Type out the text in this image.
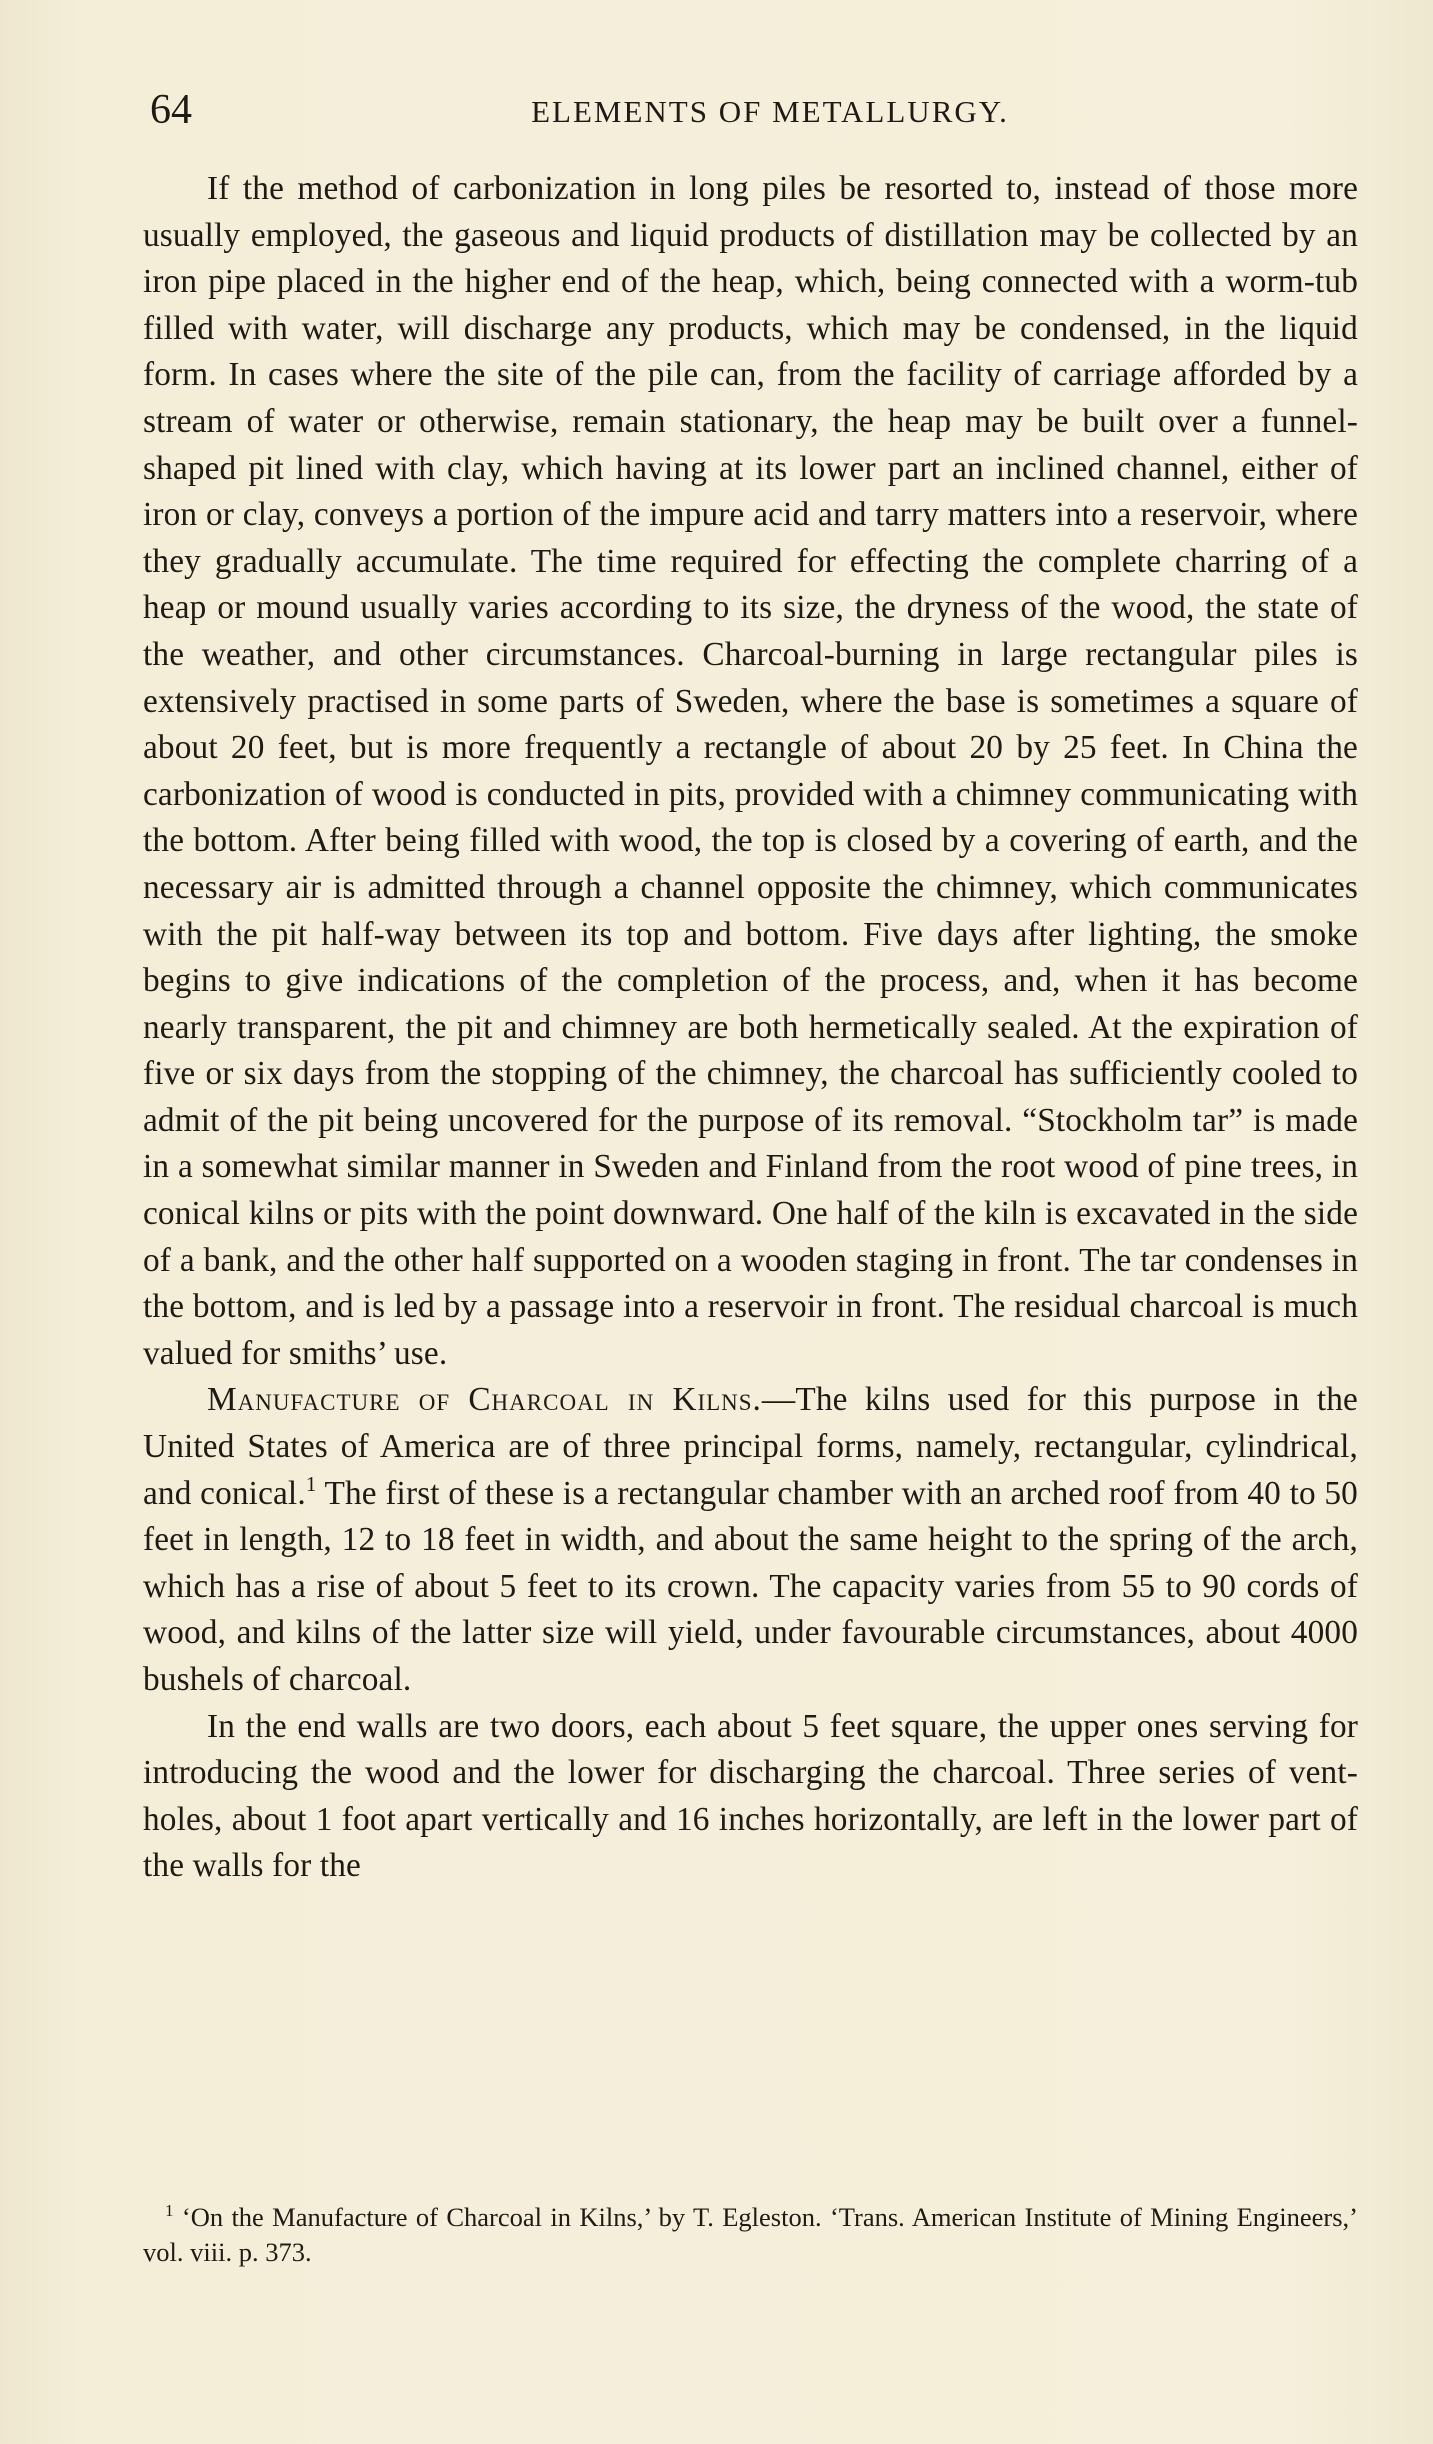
64	ELEMENTS OF METALLURGY.

If the method of carbonization in long piles be resorted to, instead of those more usually employed, the gaseous and liquid products of distillation may be collected by an iron pipe placed in the higher end of the heap, which, being connected with a worm-tub filled with water, will discharge any products, which may be condensed, in the liquid form. In cases where the site of the pile can, from the facility of carriage afforded by a stream of water or otherwise, remain stationary, the heap may be built over a funnel-shaped pit lined with clay, which having at its lower part an inclined channel, either of iron or clay, conveys a portion of the impure acid and tarry matters into a reservoir, where they gradually accumulate. The time required for effecting the complete charring of a heap or mound usually varies according to its size, the dryness of the wood, the state of the weather, and other circumstances. Charcoal-burning in large rectangular piles is extensively practised in some parts of Sweden, where the base is sometimes a square of about 20 feet, but is more frequently a rectangle of about 20 by 25 feet. In China the carbonization of wood is conducted in pits, provided with a chimney communicating with the bottom. After being filled with wood, the top is closed by a covering of earth, and the necessary air is admitted through a channel opposite the chimney, which communicates with the pit half-way between its top and bottom. Five days after lighting, the smoke begins to give indications of the completion of the process, and, when it has become nearly transparent, the pit and chimney are both hermetically sealed. At the expiration of five or six days from the stopping of the chimney, the charcoal has sufficiently cooled to admit of the pit being uncovered for the purpose of its removal. “Stockholm tar” is made in a somewhat similar manner in Sweden and Finland from the root wood of pine trees, in conical kilns or pits with the point downward. One half of the kiln is excavated in the side of a bank, and the other half supported on a wooden staging in front. The tar condenses in the bottom, and is led by a passage into a reservoir in front. The residual charcoal is much valued for smiths’ use.

Manufacture of Charcoal in Kilns.—The kilns used for this purpose in the United States of America are of three principal forms, namely, rectangular, cylindrical, and conical.$^1$ The first of these is a rectangular chamber with an arched roof from 40 to 50 feet in length, 12 to 18 feet in width, and about the same height to the spring of the arch, which has a rise of about 5 feet to its crown. The capacity varies from 55 to 90 cords of wood, and kilns of the latter size will yield, under favourable circumstances, about 4000 bushels of charcoal.

In the end walls are two doors, each about 5 feet square, the upper ones serving for introducing the wood and the lower for discharging the charcoal. Three series of vent-holes, about 1 foot apart vertically and 16 inches horizontally, are left in the lower part of the walls for the

$^1$ ‘On the Manufacture of Charcoal in Kilns,’ by T. Egleston. ‘Trans. American Institute of Mining Engineers,’ vol. viii. p. 373.
